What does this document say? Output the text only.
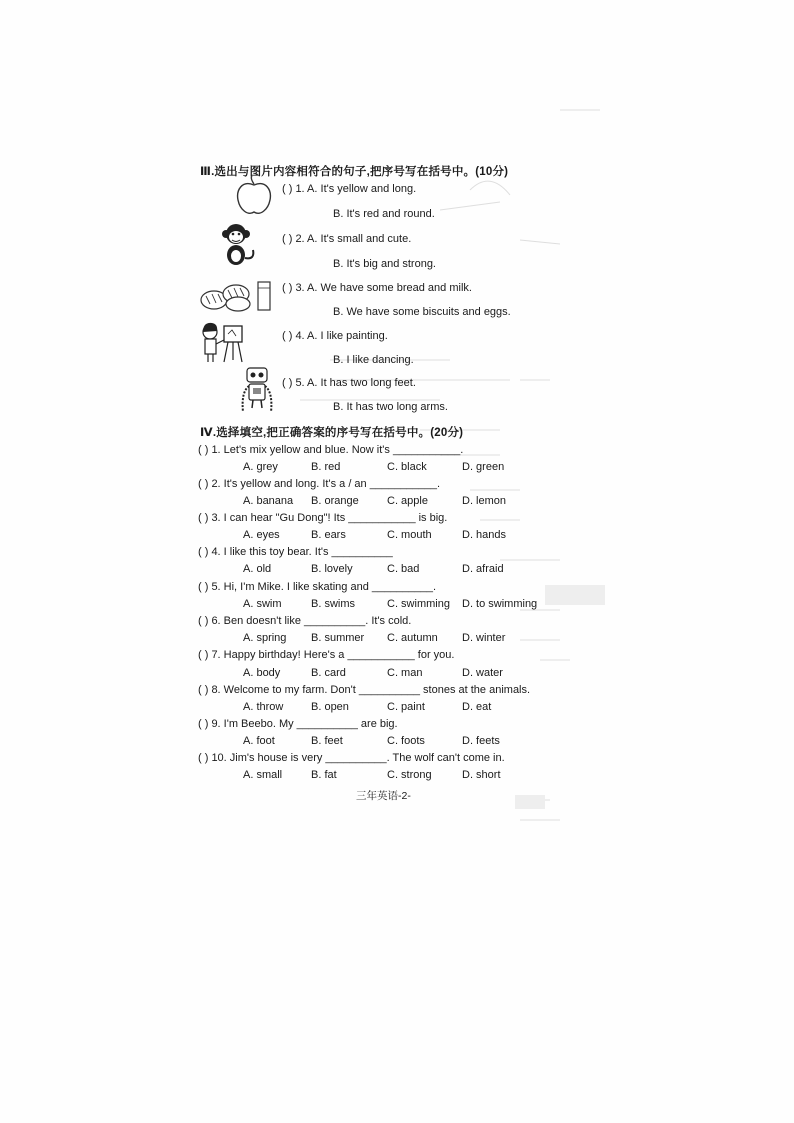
Ⅲ.选出与图片内容相符合的句子,把序号写在括号中。(10分)
( ) 1. A. It's yellow and long.
B. It's red and round.
( ) 2. A. It's small and cute.
B. It's big and strong.
( ) 3. A. We have some bread and milk.
B. We have some biscuits and eggs.
( ) 4. A. I like painting.
B. I like dancing.
( ) 5. A. It has two long feet.
B. It has two long arms.
Ⅳ.选择填空,把正确答案的序号写在括号中。(20分)
( ) 1. Let's mix yellow and blue. Now it's ___________.
A. grey	B. red	C. black	D. green
( ) 2. It's yellow and long. It's a / an ___________.
A. banana B. orange	C. apple	D. lemon
( ) 3. I can hear "Gu Dong"! Its ___________ is big.
A. eyes	B. ears	C. mouth	D. hands
( ) 4. I like this toy bear. It's __________
A. old	B. lovely	C. bad	D. afraid
( ) 5. Hi, I'm Mike. I like skating and __________.
A. swim	B. swims	C. swimming D. to swimming
( ) 6. Ben doesn't like __________. It's cold.
A. spring B. summer C. autumn D. winter
( ) 7. Happy birthday! Here's a ___________ for you.
A. body	B. card	C. man	D. water
( ) 8. Welcome to my farm. Don't __________ stones at the animals.
A. throw	B. open	C. paint	D. eat
( ) 9. I'm Beebo. My __________ are big.
A. foot	B. feet	C. foots	D. feets
( ) 10. Jim's house is very __________. The wolf can't come in.
A. small	B. fat	C. strong	D. short
三年英语-2-
